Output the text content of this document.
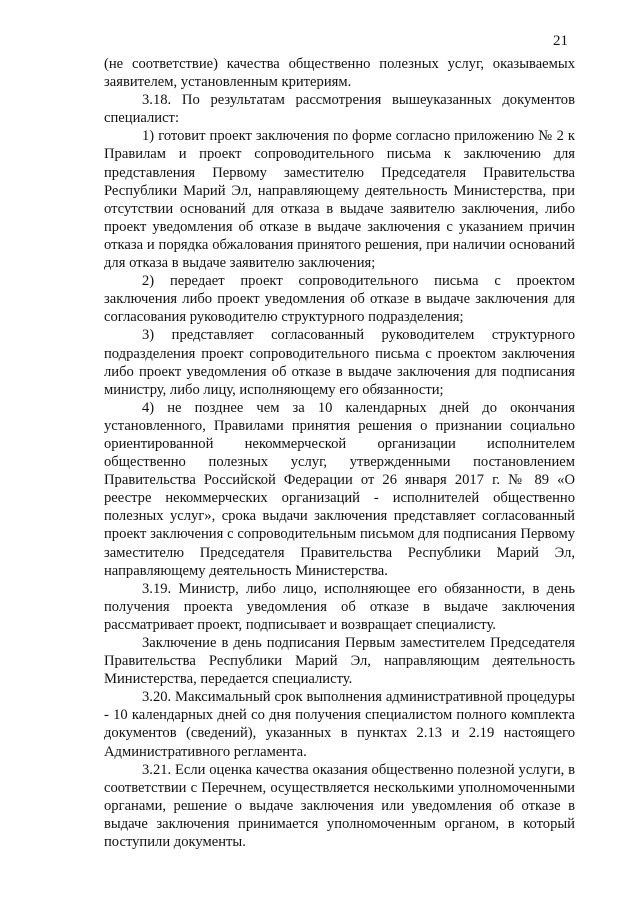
21

(не соответствие) качества общественно полезных услуг, оказываемых заявителем, установленным критериям.

3.18. По результатам рассмотрения вышеуказанных документов специалист:

1) готовит проект заключения по форме согласно приложению № 2 к Правилам и проект сопроводительного письма к заключению для представления Первому заместителю Председателя Правительства Республики Марий Эл, направляющему деятельность Министерства, при отсутствии оснований для отказа в выдаче заявителю заключения, либо проект уведомления об отказе в выдаче заключения с указанием причин отказа и порядка обжалования принятого решения, при наличии оснований для отказа в выдаче заявителю заключения;

2) передает проект сопроводительного письма с проектом заключения либо проект уведомления об отказе в выдаче заключения для согласования руководителю структурного подразделения;

3) представляет согласованный руководителем структурного подразделения проект сопроводительного письма с проектом заключения либо проект уведомления об отказе в выдаче заключения для подписания министру, либо лицу, исполняющему его обязанности;

4) не позднее чем за 10 календарных дней до окончания установленного, Правилами принятия решения о признании социально ориентированной некоммерческой организации исполнителем общественно полезных услуг, утвержденными постановлением Правительства Российской Федерации от 26 января 2017 г. № 89 «О реестре некоммерческих организаций - исполнителей общественно полезных услуг», срока выдачи заключения представляет согласованный проект заключения с сопроводительным письмом для подписания Первому заместителю Председателя Правительства Республики Марий Эл, направляющему деятельность Министерства.

3.19. Министр, либо лицо, исполняющее его обязанности, в день получения проекта уведомления об отказе в выдаче заключения рассматривает проект, подписывает и возвращает специалисту.

Заключение в день подписания Первым заместителем Председателя Правительства Республики Марий Эл, направляющим деятельность Министерства, передается специалисту.

3.20. Максимальный срок выполнения административной процедуры - 10 календарных дней со дня получения специалистом полного комплекта документов (сведений), указанных в пунктах 2.13 и 2.19 настоящего Административного регламента.

3.21. Если оценка качества оказания общественно полезной услуги, в соответствии с Перечнем, осуществляется несколькими уполномоченными органами, решение о выдаче заключения или уведомления об отказе в выдаче заключения принимается уполномоченным органом, в который поступили документы.
